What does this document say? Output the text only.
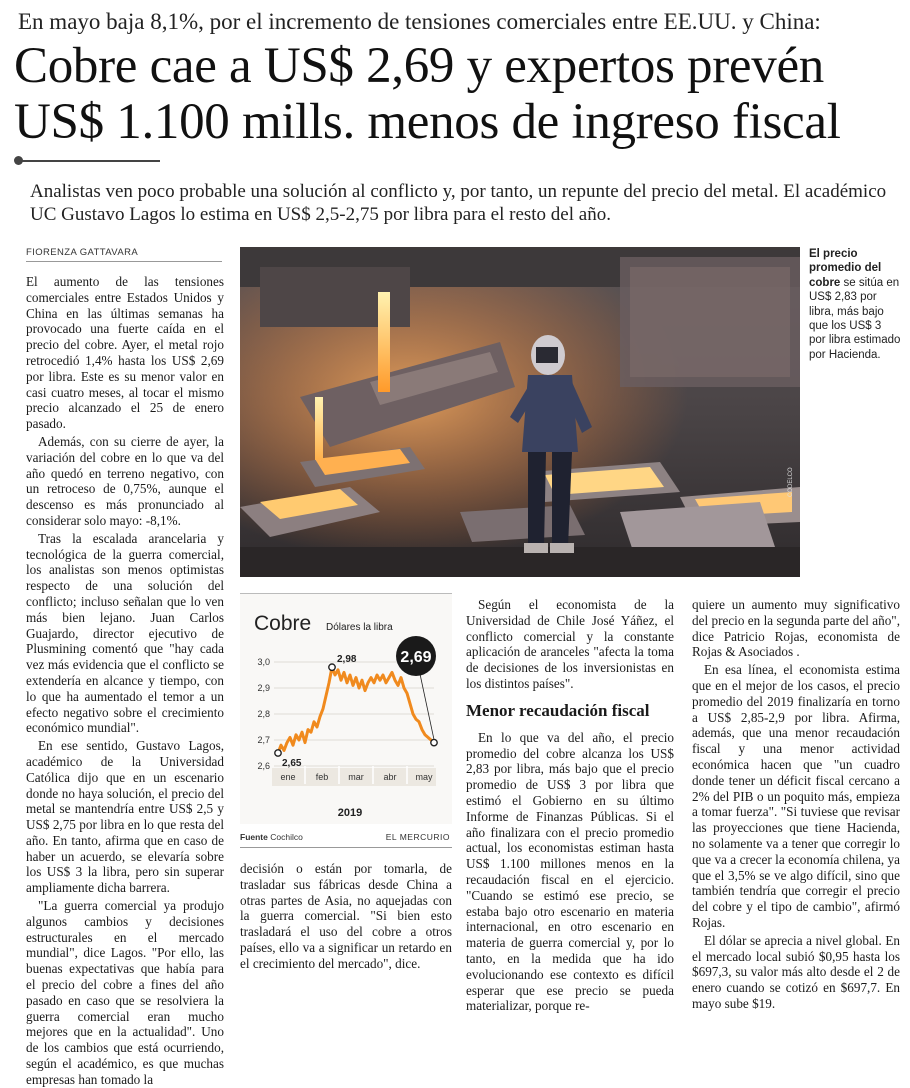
En mayo baja 8,1%, por el incremento de tensiones comerciales entre EE.UU. y China:
Cobre cae a US$ 2,69 y expertos prevén US$ 1.100 mills. menos de ingreso fiscal
Analistas ven poco probable una solución al conflicto y, por tanto, un repunte del precio del metal. El académico UC Gustavo Lagos lo estima en US$ 2,5-2,75 por libra para el resto del año.
FIORENZA GATTAVARA

El aumento de las tensiones comerciales entre Estados Unidos y China en las últimas semanas ha provocado una fuerte caída en el precio del cobre. Ayer, el metal rojo retrocedió 1,4% hasta los US$ 2,69 por libra. Este es su menor valor en casi cuatro meses, al tocar el mismo precio alcanzado el 25 de enero pasado.

Además, con su cierre de ayer, la variación del cobre en lo que va del año quedó en terreno negativo, con un retroceso de 0,75%, aunque el descenso es más pronunciado al considerar solo mayo: -8,1%.

Tras la escalada arancelaria y tecnológica de la guerra comercial, los analistas son menos optimistas respecto de una solución del conflicto; incluso señalan que lo ven más bien lejano. Juan Carlos Guajardo, director ejecutivo de Plusmining comentó que "hay cada vez más evidencia que el conflicto se extendería en alcance y tiempo, con lo que ha aumentado el temor a un efecto negativo sobre el crecimiento económico mundial".

En ese sentido, Gustavo Lagos, académico de la Universidad Católica dijo que en un escenario donde no haya solución, el precio del metal se mantendría entre US$ 2,5 y US$ 2,75 por libra en lo que resta del año. En tanto, afirma que en caso de haber un acuerdo, se elevaría sobre los US$ 3 la libra, pero sin superar ampliamente dicha barrera.

"La guerra comercial ya produjo algunos cambios y decisiones estructurales en el mercado mundial", dice Lagos. "Por ello, las buenas expectativas que había para el precio del cobre a fines del año pasado en caso que se resolviera la guerra comercial eran mucho mejores que en la actualidad". Uno de los cambios que está ocurriendo, según el académico, es que muchas empresas han tomado la

CODELCO
El precio promedio del cobre se sitúa en US$ 2,83 por libra, más bajo que los US$ 3 por libra estimado por Hacienda.
Cobre Dólares la libra
3,0
2,9
2,8
2,7
2,6
ene feb mar abr may
2,98
2,65
2,69
2019
Fuente Cochilco	EL MERCURIO

decisión o están por tomarla, de trasladar sus fábricas desde China a otras partes de Asia, no aquejadas con la guerra comercial. "Si bien esto trasladará el uso del cobre a otros países, ello va a significar un retardo en el crecimiento del mercado", dice.

Según el economista de la Universidad de Chile José Yáñez, el conflicto comercial y la constante aplicación de aranceles "afecta la toma de decisiones de los inversionistas en los distintos países".

Menor recaudación fiscal

En lo que va del año, el precio promedio del cobre alcanza los US$ 2,83 por libra, más bajo que el precio promedio de US$ 3 por libra que estimó el Gobierno en su último Informe de Finanzas Públicas. Si el año finalizara con el precio promedio actual, los economistas estiman hasta US$ 1.100 millones menos en la recaudación fiscal en el ejercicio. "Cuando se estimó ese precio, se estaba bajo otro escenario en materia internacional, en otro escenario en materia de guerra comercial y, por lo tanto, en la medida que ha ido evolucionando ese contexto es difícil esperar que ese precio se pueda materializar, porque re-

quiere un aumento muy significativo del precio en la segunda parte del año", dice Patricio Rojas, economista de Rojas & Asociados .

En esa línea, el economista estima que en el mejor de los casos, el precio promedio del 2019 finalizaría en torno a US$ 2,85-2,9 por libra. Afirma, además, que una menor recaudación fiscal y una menor actividad económica hacen que "un cuadro donde tener un déficit fiscal cercano a 2% del PIB o un poquito más, empieza a tomar fuerza". "Si tuviese que revisar las proyecciones que tiene Hacienda, no solamente va a tener que corregir lo que va a crecer la economía chilena, ya que el 3,5% se ve algo difícil, sino que también tendría que corregir el precio del cobre y el tipo de cambio", afirmó Rojas.

El dólar se aprecia a nivel global. En el mercado local subió $0,95 hasta los $697,3, su valor más alto desde el 2 de enero cuando se cotizó en $697,7. En mayo sube $19.
